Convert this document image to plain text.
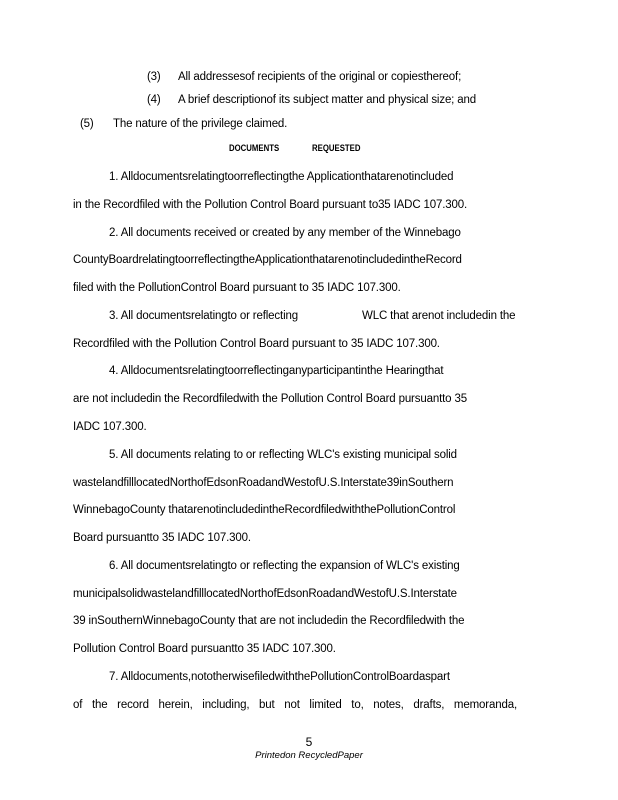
(3) All addressesof recipients of the original or copiesthereof;
(4) A brief descriptionof its subject matter and physical size; and
(5) The nature of the privilege claimed.
DOCUMENTS	REQUESTED
1. Alldocumentsrelatingtoorreflectingthe Applicationthatarenotincluded
in the Recordfiled with the Pollution Control Board pursuant to35 IADC 107.300.
2. All documents received or created by any member of the Winnebago
CountyBoardrelatingtoorreflectingtheApplicationthatarenotincludedintheRecord
filed with the PollutionControl Board pursuant to 35 IADC 107.300.
3. All documentsrelatingto or reflecting	WLC that arenot includedin the
Recordfiled with the Pollution Control Board pursuant to 35 IADC 107.300.
4. Alldocumentsrelatingtoorreflectinganyparticipantinthe Hearingthat
are not includedin the Recordfiledwith the Pollution Control Board pursuantto 35
IADC 107.300.
5. All documents relating to or reflecting WLC's existing municipal solid
wastelandfilllocatedNorthofEdsonRoadandWestofU.S.Interstate39inSouthern
WinnebagoCounty thatarenotincludedintheRecordfiledwiththePollutionControl
Board pursuantto 35 IADC 107.300.
6. All documentsrelatingto or reflecting the expansion of WLC's existing
municipalsolidwastelandfilllocatedNorthofEdsonRoadandWestofU.S.Interstate
39 inSouthernWinnebagoCounty that are not includedin the Recordfiledwith the
Pollution Control Board pursuantto 35 IADC 107.300.
7. Alldocuments,nototherwisefiledwiththePollutionControlBoardaspart
of the record herein, including, but not limited to, notes, drafts, memoranda,
5
Printedon RecycledPaper
